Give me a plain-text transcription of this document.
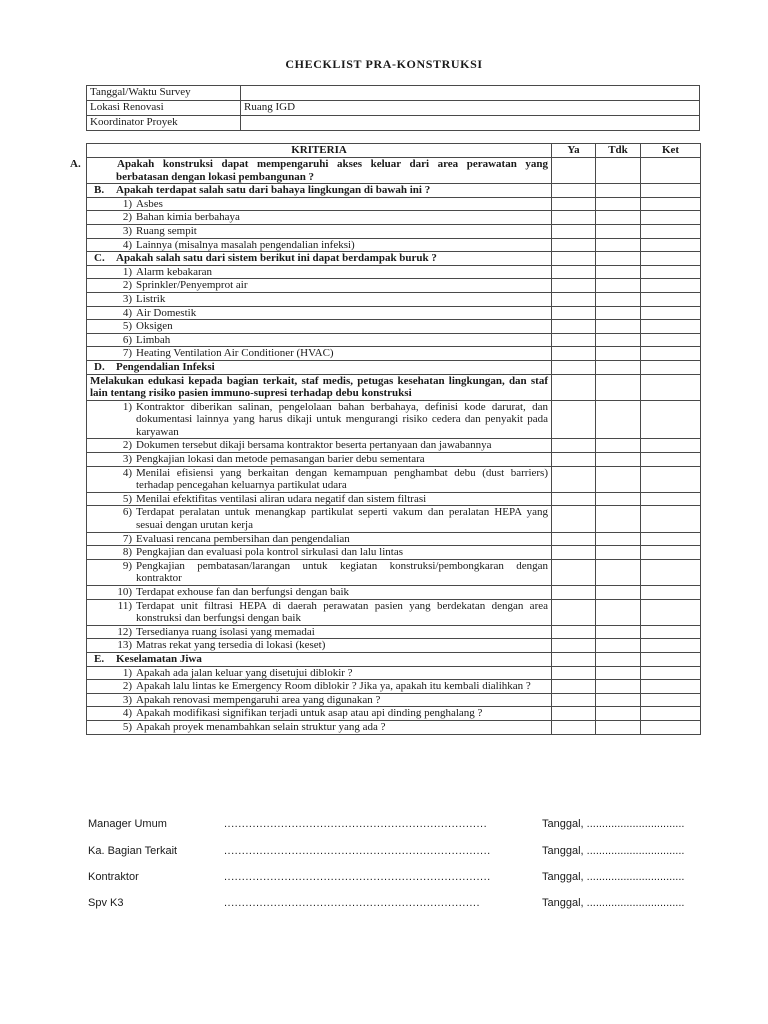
CHECKLIST PRA-KONSTRUKSI
Tanggal/Waktu Survey	
Lokasi Renovasi	Ruang IGD
Koordinator Proyek	
KRITERIA	Ya	Tdk	Ket
A. Apakah konstruksi dapat mempengaruhi akses keluar dari area perawatan yang berbatasan dengan lokasi pembangunan ?			
B. Apakah terdapat salah satu dari bahaya lingkungan di bawah ini ?			
1) Asbes			
2) Bahan kimia berbahaya			
3) Ruang sempit			
4) Lainnya (misalnya masalah pengendalian infeksi)			
C. Apakah salah satu dari sistem berikut ini dapat berdampak buruk ?			
1) Alarm kebakaran			
2) Sprinkler/Penyemprot air			
3) Listrik			
4) Air Domestik			
5) Oksigen			
6) Limbah			
7) Heating Ventilation Air Conditioner (HVAC)			
D. Pengendalian Infeksi			
Melakukan edukasi kepada bagian terkait, staf medis, petugas kesehatan lingkungan, dan staf lain tentang risiko pasien immuno-supresi terhadap debu konstruksi			
1) Kontraktor diberikan salinan, pengelolaan bahan berbahaya, definisi kode darurat, dan dokumentasi lainnya yang harus dikaji untuk mengurangi risiko cedera dan penyakit pada karyawan			
2) Dokumen tersebut dikaji bersama kontraktor beserta pertanyaan dan jawabannya			
3) Pengkajian lokasi dan metode pemasangan barier debu sementara			
4) Menilai efisiensi yang berkaitan dengan kemampuan penghambat debu (dust barriers) terhadap pencegahan keluarnya partikulat udara			
5) Menilai efektifitas ventilasi aliran udara negatif dan sistem filtrasi			
6) Terdapat peralatan untuk menangkap partikulat seperti vakum dan peralatan HEPA yang sesuai dengan urutan kerja			
7) Evaluasi rencana pembersihan dan pengendalian			
8) Pengkajian dan evaluasi pola kontrol sirkulasi dan lalu lintas			
9) Pengkajian pembatasan/larangan untuk kegiatan konstruksi/pembongkaran dengan kontraktor			
10) Terdapat exhouse fan dan berfungsi dengan baik			
11) Terdapat unit filtrasi HEPA di daerah perawatan pasien yang berdekatan dengan area konstruksi dan berfungsi dengan baik			
12) Tersedianya ruang isolasi yang memadai			
13) Matras rekat yang tersedia di lokasi (keset)			
E. Keselamatan Jiwa			
1) Apakah ada jalan keluar yang disetujui diblokir ?			
2) Apakah lalu lintas ke Emergency Room diblokir ? Jika ya, apakah itu kembali dialihkan ?			
3) Apakah renovasi mempengaruhi area yang digunakan ?			
4) Apakah modifikasi signifikan terjadi untuk asap atau api dinding penghalang ?			
5) Apakah proyek menambahkan selain struktur yang ada ?			
Manager Umum	..........................................................................	Tanggal, ................................
Ka. Bagian Terkait	...........................................................................	Tanggal, ................................
Kontraktor	...........................................................................	Tanggal, ................................
Spv K3	........................................................................	Tanggal, ................................
